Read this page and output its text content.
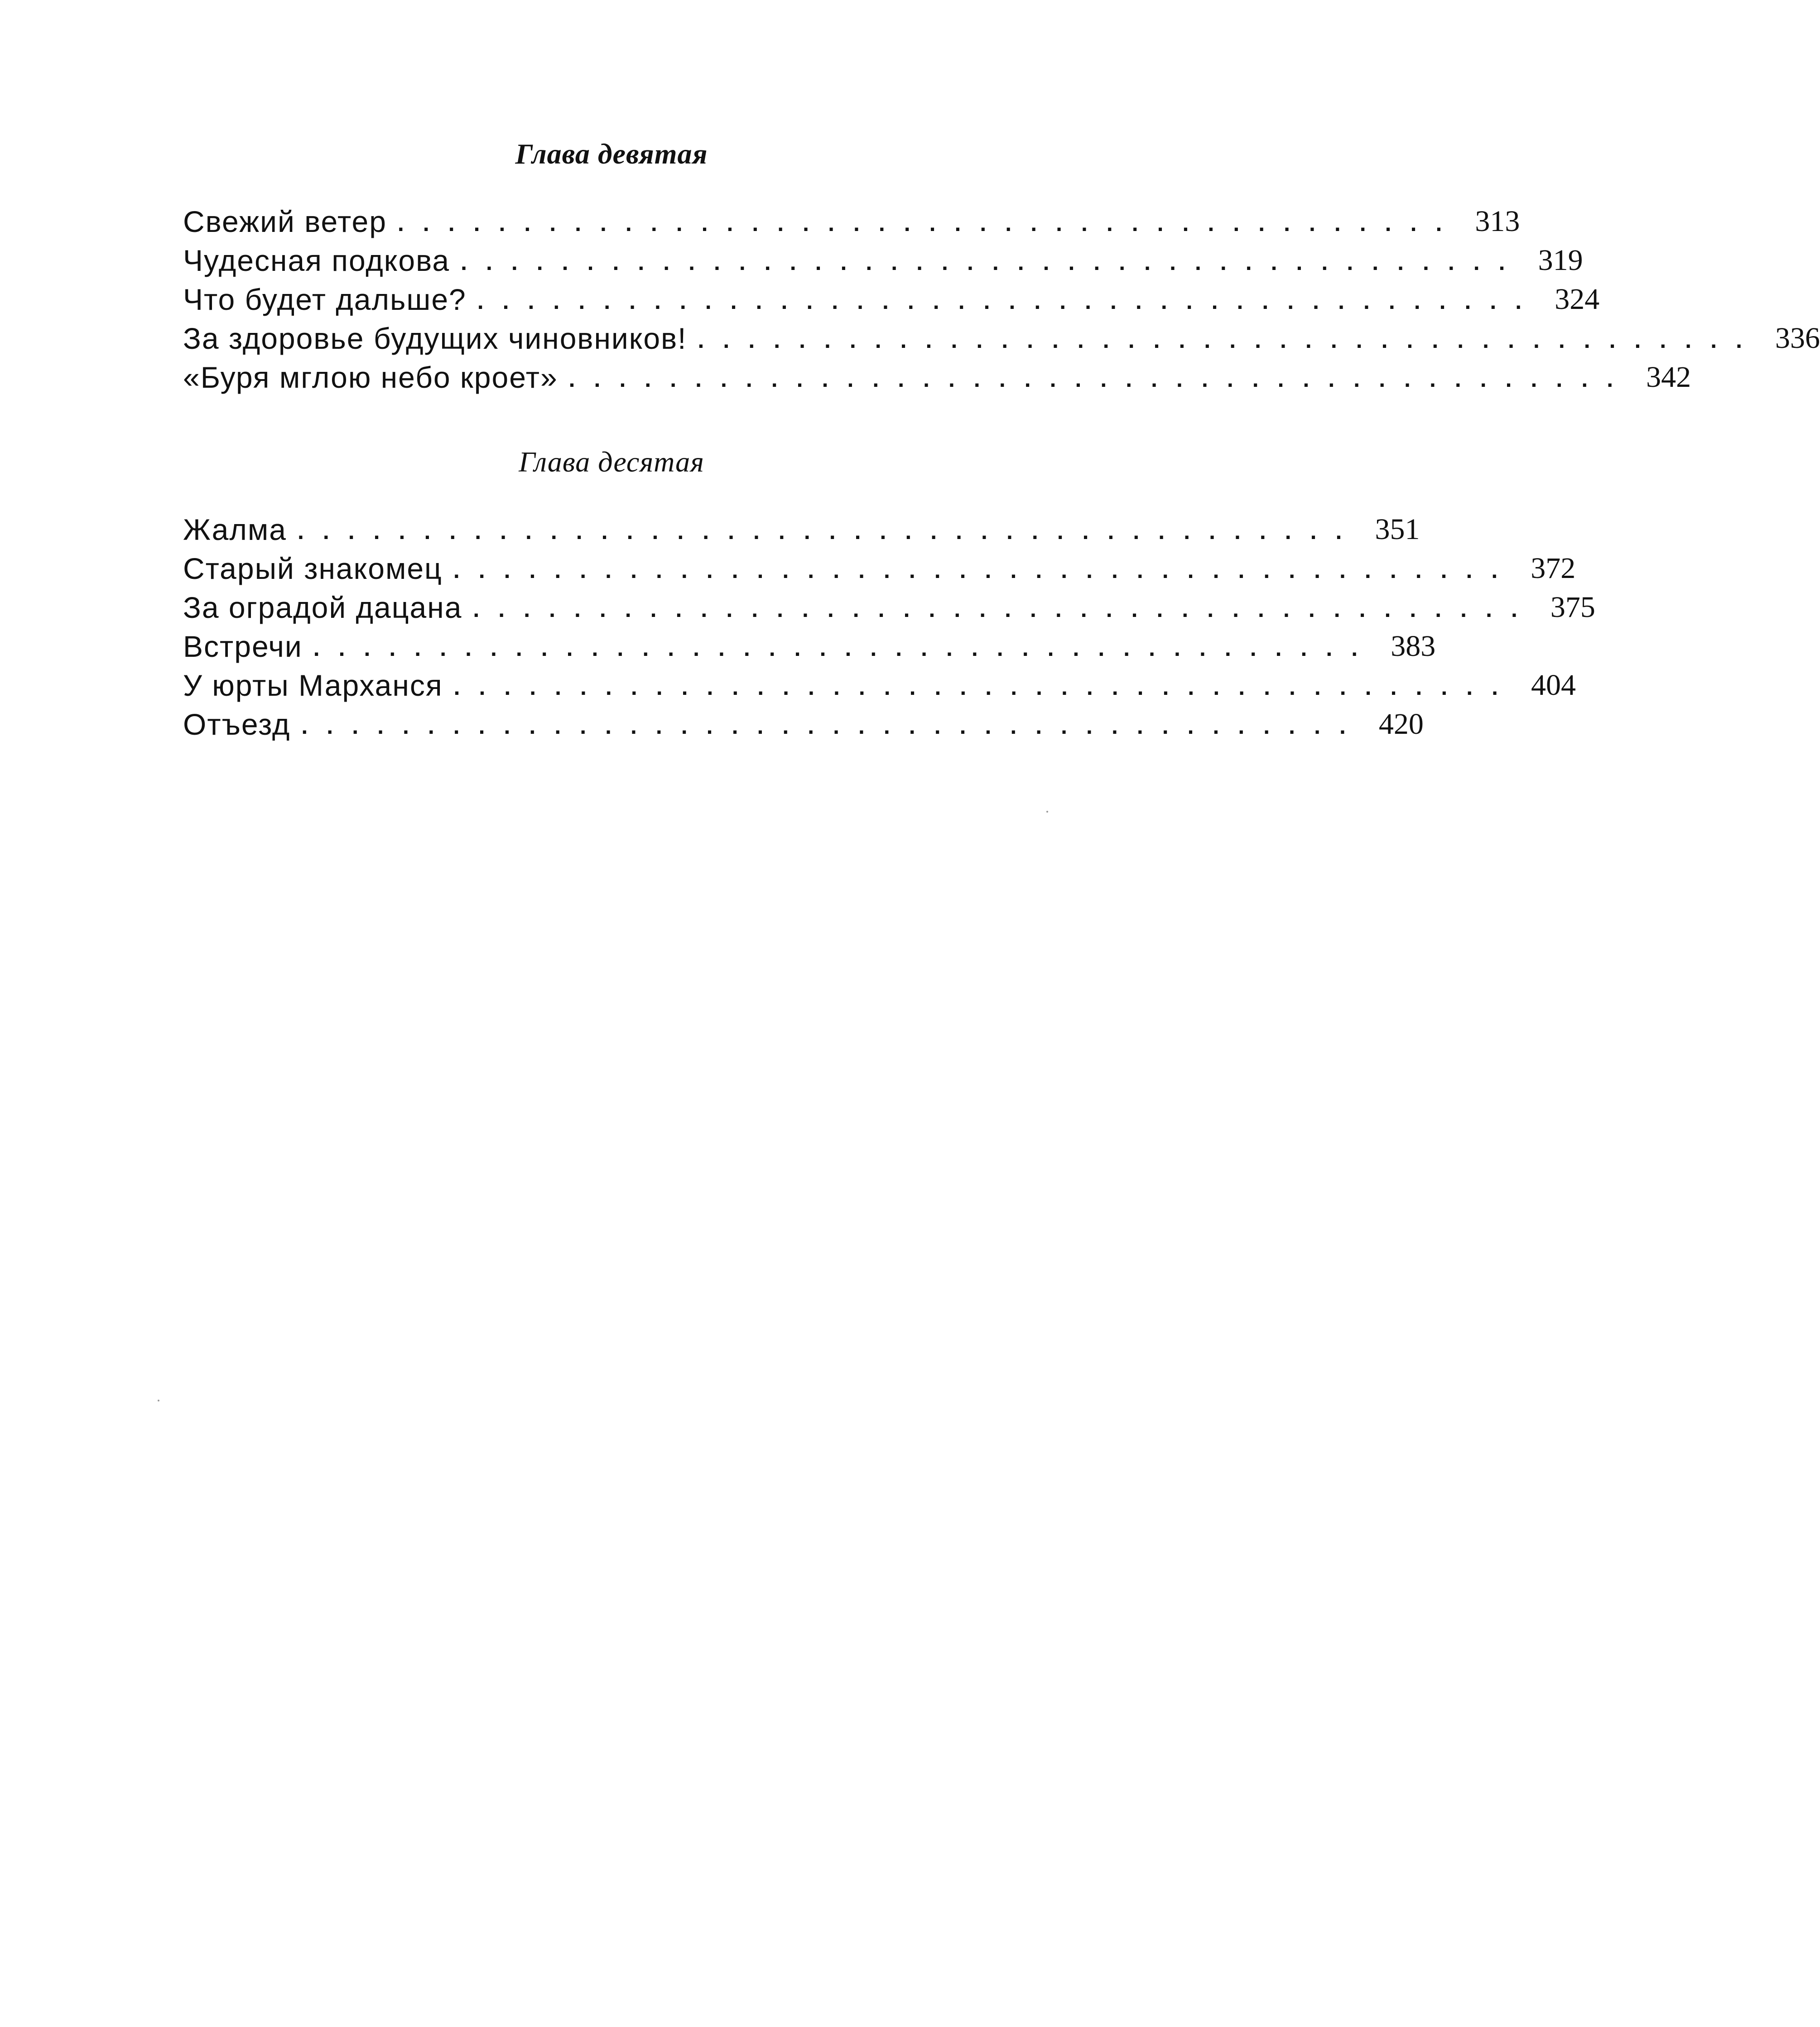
Глава девятая
Свежий ветер .......................................... 313
Чудесная подкова .......................................... 319
Что будет дальше? .......................................... 324
За здоровье будущих чиновников! .......................................... 336
«Буря мглою небо кроет» .......................................... 342
Глава десятая
Жалма .......................................... 351
Старый знакомец .......................................... 372
За оградой дацана .......................................... 375
Встречи .......................................... 383
У юрты Марханся .......................................... 404
Отъезд .......................................... 420
